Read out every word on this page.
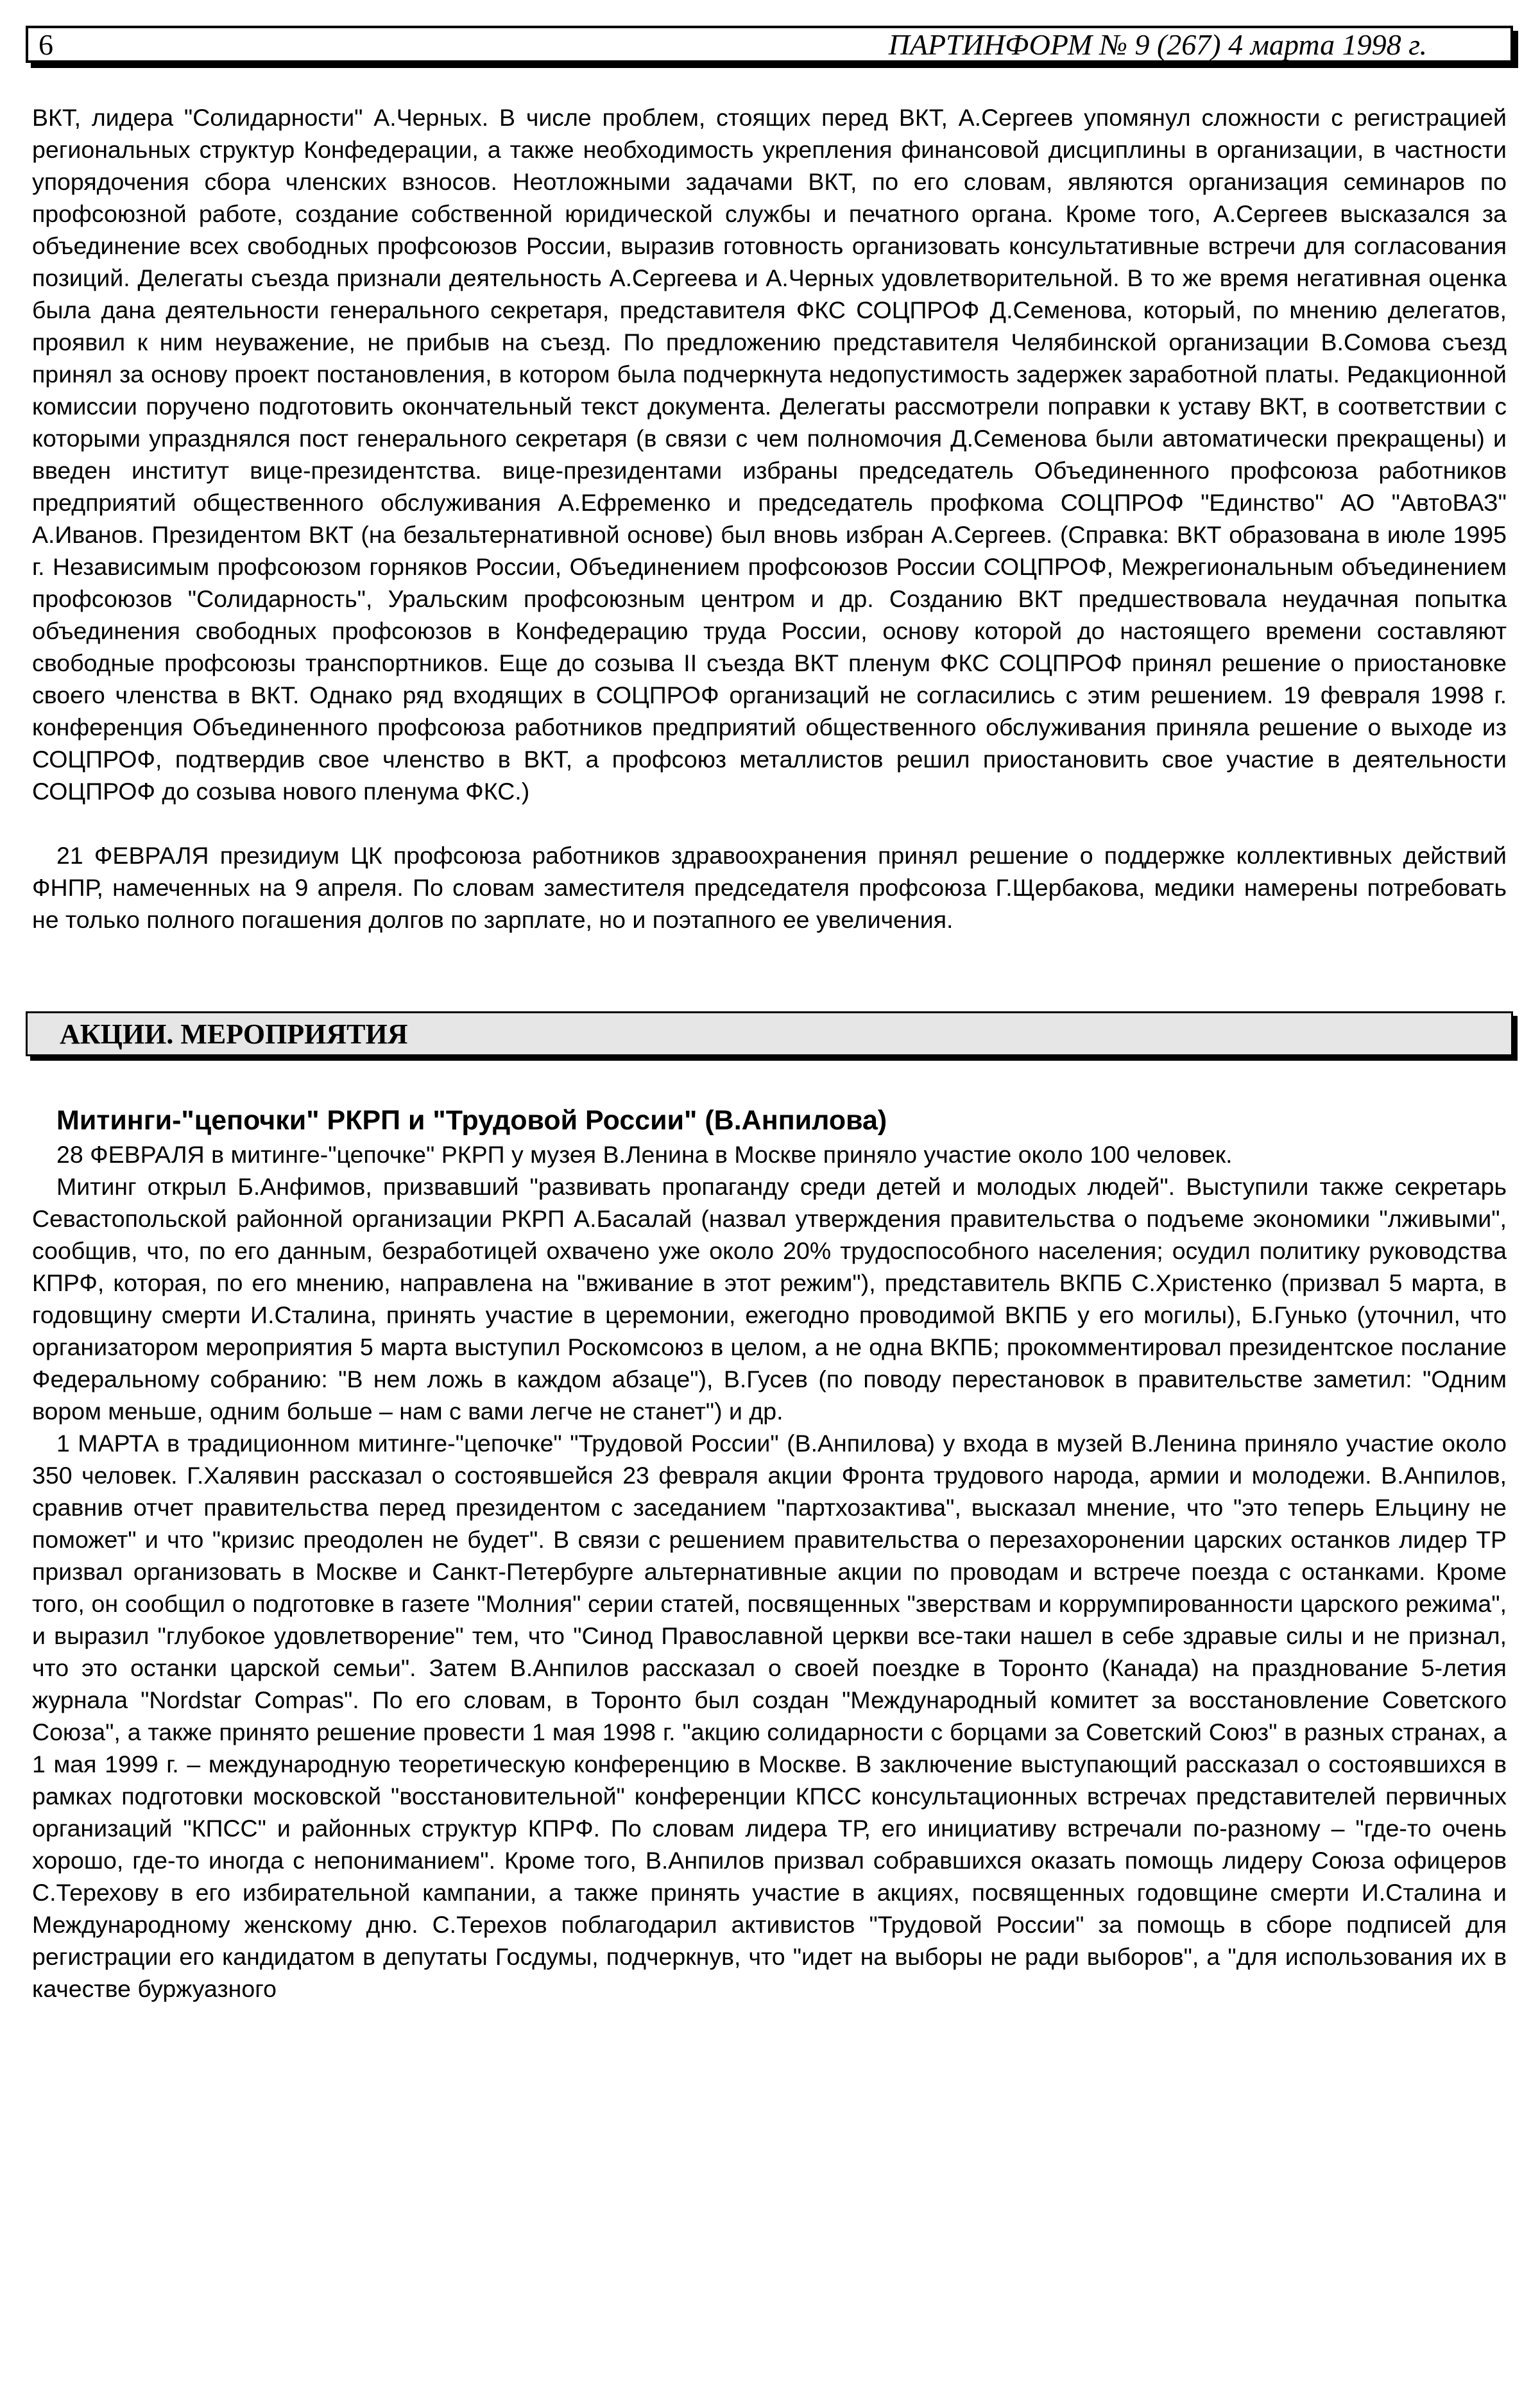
6	ПАРТИНФОРМ № 9 (267) 4 марта 1998 г.

ВКТ, лидера "Солидарности" А.Черных. В числе проблем, стоящих перед ВКТ, А.Сергеев упомянул сложности с регистрацией региональных структур Конфедерации, а также необходимость укрепления финансовой дисциплины в организации, в частности упорядочения сбора членских взносов. Неотложными задачами ВКТ, по его словам, являются организация семинаров по профсоюзной работе, создание собственной юридической службы и печатного органа. Кроме того, А.Сергеев высказался за объединение всех свободных профсоюзов России, выразив готовность организовать консультативные встречи для согласования позиций. Делегаты съезда признали деятельность А.Сергеева и А.Черных удовлетворительной. В то же время негативная оценка была дана деятельности генерального секретаря, представителя ФКС СОЦПРОФ Д.Семенова, который, по мнению делегатов, проявил к ним неуважение, не прибыв на съезд. По предложению представителя Челябинской организации В.Сомова съезд принял за основу проект постановления, в котором была подчеркнута недопустимость задержек заработной платы. Редакционной комиссии поручено подготовить окончательный текст документа. Делегаты рассмотрели поправки к уставу ВКТ, в соответствии с которыми упразднялся пост генерального секретаря (в связи с чем полномочия Д.Семенова были автоматически прекращены) и введен институт вице-президентства. вице-президентами избраны председатель Объединенного профсоюза работников предприятий общественного обслуживания А.Ефременко и председатель профкома СОЦПРОФ "Единство" АО "АвтоВАЗ" А.Иванов. Президентом ВКТ (на безальтернативной основе) был вновь избран А.Сергеев. (Справка: ВКТ образована в июле 1995 г. Независимым профсоюзом горняков России, Объединением профсоюзов России СОЦПРОФ, Межрегиональным объединением профсоюзов "Солидарность", Уральским профсоюзным центром и др. Созданию ВКТ предшествовала неудачная попытка объединения свободных профсоюзов в Конфедерацию труда России, основу которой до настоящего времени составляют свободные профсоюзы транспортников. Еще до созыва II съезда ВКТ пленум ФКС СОЦПРОФ принял решение о приостановке своего членства в ВКТ. Однако ряд входящих в СОЦПРОФ организаций не согласились с этим решением. 19 февраля 1998 г. конференция Объединенного профсоюза работников предприятий общественного обслуживания приняла решение о выходе из СОЦПРОФ, подтвердив свое членство в ВКТ, а профсоюз металлистов решил приостановить свое участие в деятельности СОЦПРОФ до созыва нового пленума ФКС.)

21 ФЕВРАЛЯ президиум ЦК профсоюза работников здравоохранения принял решение о поддержке коллективных действий ФНПР, намеченных на 9 апреля. По словам заместителя председателя профсоюза Г.Щербакова, медики намерены потребовать не только полного погашения долгов по зарплате, но и поэтапного ее увеличения.

АКЦИИ. МЕРОПРИЯТИЯ
Митинги-"цепочки" РКРП и "Трудовой России" (В.Анпилова)

28 ФЕВРАЛЯ в митинге-"цепочке" РКРП у музея В.Ленина в Москве приняло участие около 100 человек.

Митинг открыл Б.Анфимов, призвавший "развивать пропаганду среди детей и молодых людей". Выступили также секретарь Севастопольской районной организации РКРП А.Басалай (назвал утверждения правительства о подъеме экономики "лживыми", сообщив, что, по его данным, безработицей охвачено уже около 20% трудоспособного населения; осудил политику руководства КПРФ, которая, по его мнению, направлена на "вживание в этот режим"), представитель ВКПБ С.Христенко (призвал 5 марта, в годовщину смерти И.Сталина, принять участие в церемонии, ежегодно проводимой ВКПБ у его могилы), Б.Гунько (уточнил, что организатором мероприятия 5 марта выступил Роскомсоюз в целом, а не одна ВКПБ; прокомментировал президентское послание Федеральному собранию: "В нем ложь в каждом абзаце"), В.Гусев (по поводу перестановок в правительстве заметил: "Одним вором меньше, одним больше – нам с вами легче не станет") и др.

1 МАРТА в традиционном митинге-"цепочке" "Трудовой России" (В.Анпилова) у входа в музей В.Ленина приняло участие около 350 человек. Г.Халявин рассказал о состоявшейся 23 февраля акции Фронта трудового народа, армии и молодежи. В.Анпилов, сравнив отчет правительства перед президентом с заседанием "партхозактива", высказал мнение, что "это теперь Ельцину не поможет" и что "кризис преодолен не будет". В связи с решением правительства о перезахоронении царских останков лидер ТР призвал организовать в Москве и Санкт-Петербурге альтернативные акции по проводам и встрече поезда с останками. Кроме того, он сообщил о подготовке в газете "Молния" серии статей, посвященных "зверствам и коррумпированности царского режима", и выразил "глубокое удовлетворение" тем, что "Синод Православной церкви все-таки нашел в себе здравые силы и не признал, что это останки царской семьи". Затем В.Анпилов рассказал о своей поездке в Торонто (Канада) на празднование 5-летия журнала "Nordstar Compas". По его словам, в Торонто был создан "Международный комитет за восстановление Советского Союза", а также принято решение провести 1 мая 1998 г. "акцию солидарности с борцами за Советский Союз" в разных странах, а 1 мая 1999 г. – международную теоретическую конференцию в Москве. В заключение выступающий рассказал о состоявшихся в рамках подготовки московской "восстановительной" конференции КПСС консультационных встречах представителей первичных организаций "КПСС" и районных структур КПРФ. По словам лидера ТР, его инициативу встречали по-разному – "где-то очень хорошо, где-то иногда с непониманием". Кроме того, В.Анпилов призвал собравшихся оказать помощь лидеру Союза офицеров С.Терехову в его избирательной кампании, а также принять участие в акциях, посвященных годовщине смерти И.Сталина и Международному женскому дню. С.Терехов поблагодарил активистов "Трудовой России" за помощь в сборе подписей для регистрации его кандидатом в депутаты Госдумы, подчеркнув, что "идет на выборы не ради выборов", а "для использования их в качестве буржуазного
